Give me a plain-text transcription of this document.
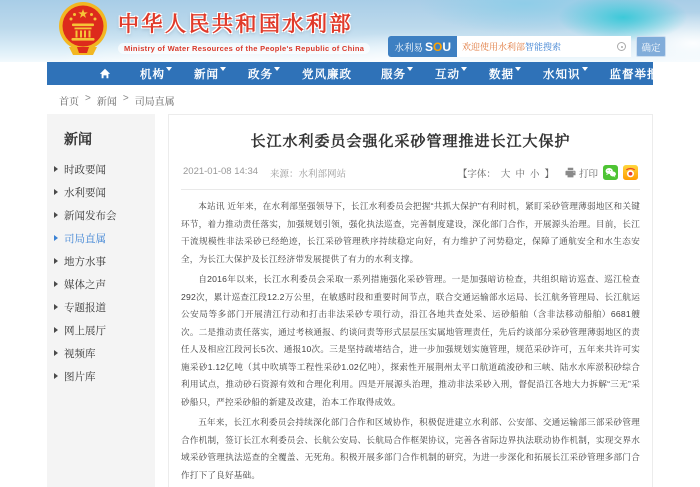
中华人民共和国水利部
Ministry of Water Resources of the People's Republic of China	水利易 SOU 欢迎使用水利部 智能搜索	确定
机构	新闻	政务	党风廉政	服务	互动	数据	水知识	监督举报
首页 > 新闻 > 司局直属
新闻
时政要闻
水利要闻
新闻发布会
司局直属
地方水事
媒体之声
专题报道
网上展厅
视频库
图片库
长江水利委员会强化采砂管理推进长江大保护
2021-01-08 14:34 来源：水利部网站	【字体： 大 中 小 】	打印

本站讯 近年来，在水利部坚强领导下，长江水利委员会把握“共抓大保护”有利时机，紧盯采砂管理薄弱地区和关键环节，着力推动责任落实，加强规划引领，强化执法巡查，完善制度建设，深化部门合作，开展源头治理。目前，长江干流规模性非法采砂已经绝迹，长江采砂管理秩序持续稳定向好，有力维护了河势稳定，保障了通航安全和水生态安全，为长江大保护及长江经济带发展提供了有力的水利支撑。

自2016年以来，长江水利委员会采取一系列措施强化采砂管理。一是加强暗访检查，共组织暗访巡查、巡江检查292次，累计巡查江段12.2万公里，在敏感时段和重要时间节点，联合交通运输部水运局、长江航务管理局、长江航运公安局等多部门开展清江行动和打击非法采砂专项行动，沿江各地共查处采、运砂船舶（含非法移动船舶）6681艘次。二是推动责任落实，通过考核通报、约谈问责等形式层层压实属地管理责任，先后约谈部分采砂管理薄弱地区的责任人及相应江段河长5次、通报10次。三是坚持疏堵结合，进一步加强规划实施管理，规范采砂许可，五年来共许可实施采砂1.12亿吨（其中吹填等工程性采砂1.02亿吨），探索性开展荆州太平口航道疏浚砂和三峡、陆水水库淤积砂综合利用试点，推动砂石资源有效和合理化利用。四是开展源头治理，推动非法采砂入刑，督促沿江各地大力拆解“三无”采砂船只，严控采砂船的新建及改建，治本工作取得成效。

五年来，长江水利委员会持续深化部门合作和区域协作，积极促进建立水利部、公安部、交通运输部三部采砂管理合作机制，签订长江水利委员会、长航公安局、长航局合作框架协议，完善各省际边界执法联动协作机制，实现交界水域采砂管理执法巡查的全覆盖、无死角。积极开展多部门合作机制的研究，为进一步深化和拓展长江采砂管理多部门合作打下了良好基础。
